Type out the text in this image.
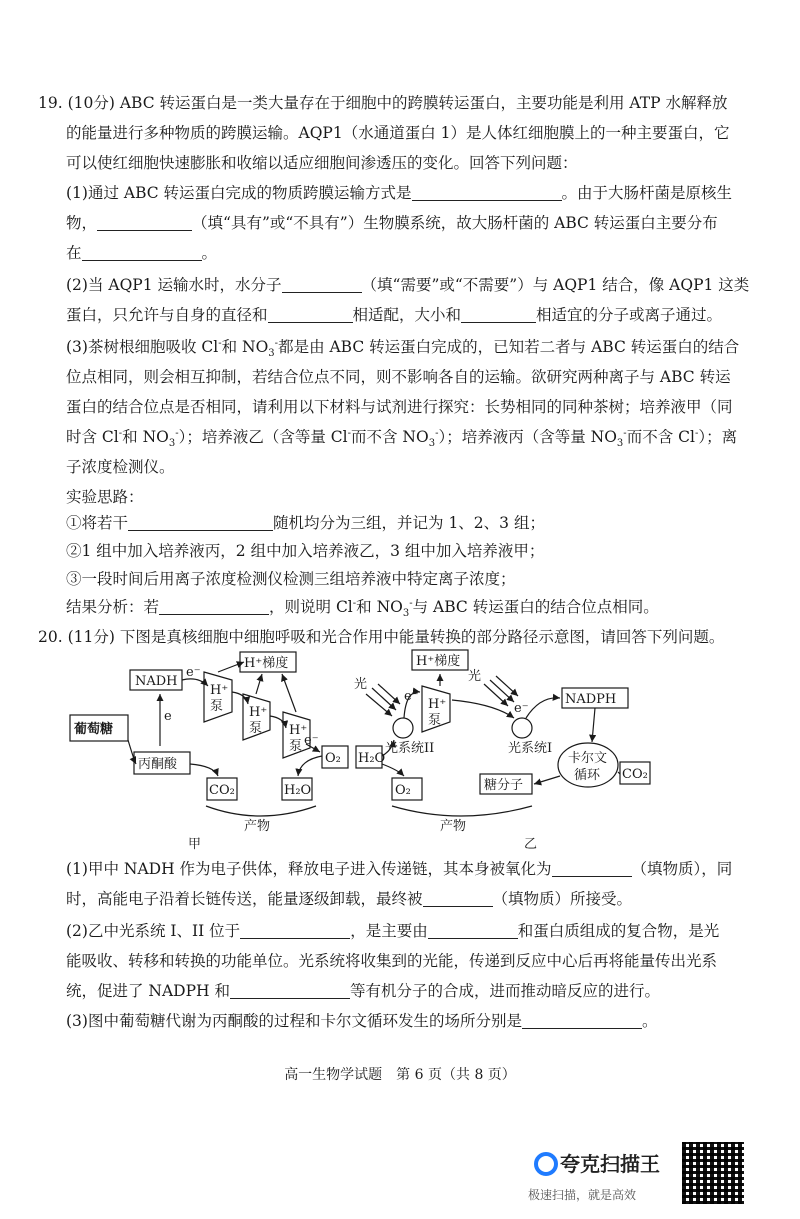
19. (10分) ABC 转运蛋白是一类大量存在于细胞中的跨膜转运蛋白，主要功能是利用 ATP 水解释放
的能量进行多种物质的跨膜运输。AQP1（水通道蛋白 1）是人体红细胞膜上的一种主要蛋白，它
可以使红细胞快速膨胀和收缩以适应细胞间渗透压的变化。回答下列问题：
(1)通过 ABC 转运蛋白完成的物质跨膜运输方式是	。由于大肠杆菌是原核生
物，	（填“具有”或“不具有”）生物膜系统，故大肠杆菌的 ABC 转运蛋白主要分布
在	。
(2)当 AQP1 运输水时，水分子	（填“需要”或“不需要”）与 AQP1 结合，像 AQP1 这类
蛋白，只允许与自身的直径和	相适配，大小和	相适宜的分子或离子通过。
(3)茶树根细胞吸收 Cl-和 $NO_3^-$都是由 ABC 转运蛋白完成的，已知若二者与 ABC 转运蛋白的结合
位点相同，则会相互抑制，若结合位点不同，则不影响各自的运输。欲研究两种离子与 ABC 转运
蛋白的结合位点是否相同，请利用以下材料与试剂进行探究：长势相同的同种茶树；培养液甲（同
时含 Cl-和 $NO_3^-$）；培养液乙（含等量 Cl-而不含 $NO_3^-$）；培养液丙（含等量 $NO_3^-$而不含 Cl-）；离
子浓度检测仪。
实验思路：
①将若干	随机均分为三组，并记为 1、2、3 组；
②1 组中加入培养液丙，2 组中加入培养液乙，3 组中加入培养液甲；
③一段时间后用离子浓度检测仪检测三组培养液中特定离子浓度；
结果分析：若	，则说明 Cl-和 $NO_3^-$与 ABC 转运蛋白的结合位点相同。
20. (11分) 下图是真核细胞中细胞呼吸和光合作用中能量转换的部分路径示意图，请回答下列问题。
NADH
H⁺梯度
H⁺
泵 H⁺
泵 H⁺
泵
e⁻
e
e⁻
葡萄糖
丙酮酸	O₂
CO₂	H₂O
产物
甲
H⁺梯度
H⁺
泵
光
光
e⁻
e⁻
NADPH
H₂O
光系统II	光系统I
卡尔文
循环 CO₂
O₂	糖分子
产物
乙
(1)甲中 NADH 作为电子供体，释放电子进入传递链，其本身被氧化为	（填物质），同
时，高能电子沿着长链传送，能量逐级卸载，最终被	（填物质）所接受。
(2)乙中光系统 I、II 位于	，是主要由	和蛋白质组成的复合物，是光
能吸收、转移和转换的功能单位。光系统将收集到的光能，传递到反应中心后再将能量传出光系
统，促进了 NADPH 和	等有机分子的合成，进而推动暗反应的进行。
(3)图中葡萄糖代谢为丙酮酸的过程和卡尔文循环发生的场所分别是	。
高一生物学试题　第 6 页（共 8 页）
夸克扫描王
极速扫描，就是高效
